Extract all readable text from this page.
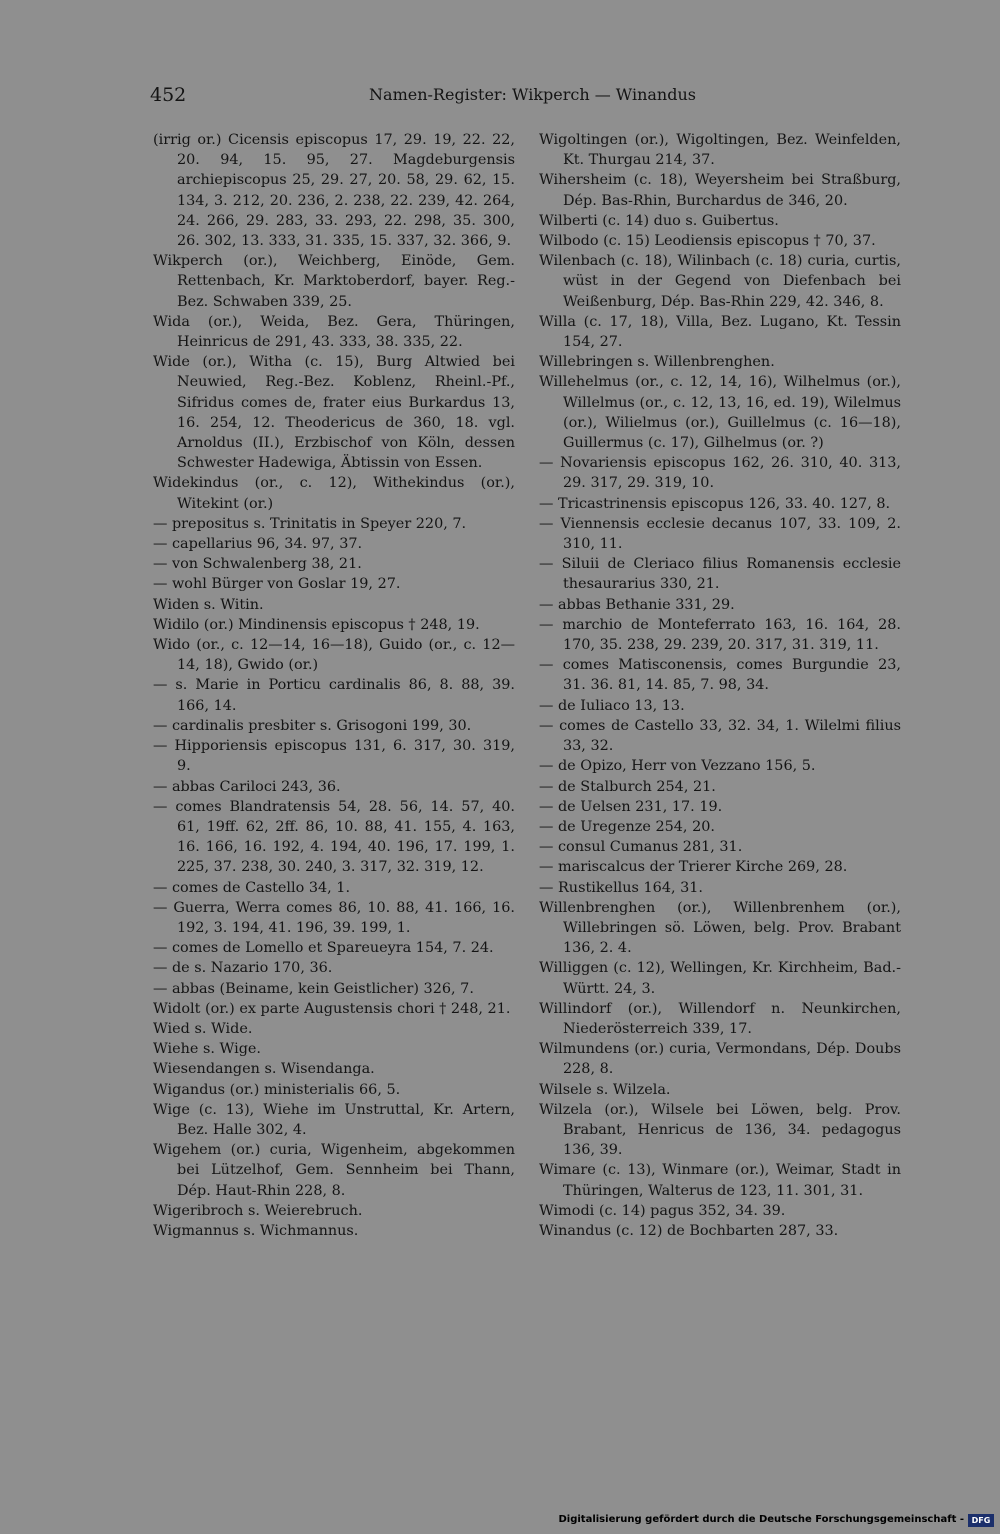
452	Namen-Register: Wikperch — Winandus

(irrig or.) Cicensis episcopus 17, 29. 19, 22. 22, 20. 94, 15. 95, 27. Magdeburgensis archiepiscopus 25, 29. 27, 20. 58, 29. 62, 15. 134, 3. 212, 20. 236, 2. 238, 22. 239, 42. 264, 24. 266, 29. 283, 33. 293, 22. 298, 35. 300, 26. 302, 13. 333, 31. 335, 15. 337, 32. 366, 9.

Wikperch (or.), Weichberg, Einöde, Gem. Rettenbach, Kr. Marktoberdorf, bayer. Reg.-Bez. Schwaben 339, 25.

Wida (or.), Weida, Bez. Gera, Thüringen, Heinricus de 291, 43. 333, 38. 335, 22.

Wide (or.), Witha (c. 15), Burg Altwied bei Neuwied, Reg.-Bez. Koblenz, Rheinl.-Pf., Sifridus comes de, frater eius Burkardus 13, 16. 254, 12. Theodericus de 360, 18. vgl. Arnoldus (II.), Erzbischof von Köln, dessen Schwester Hadewiga, Äbtissin von Essen.

Widekindus (or., c. 12), Withekindus (or.), Witekint (or.)

— prepositus s. Trinitatis in Speyer 220, 7.

— capellarius 96, 34. 97, 37.

— von Schwalenberg 38, 21.

— wohl Bürger von Goslar 19, 27.

Widen s. Witin.

Widilo (or.) Mindinensis episcopus † 248, 19.

Wido (or., c. 12—14, 16—18), Guido (or., c. 12—14, 18), Gwido (or.)

— s. Marie in Porticu cardinalis 86, 8. 88, 39. 166, 14.

— cardinalis presbiter s. Grisogoni 199, 30.

— Hipporiensis episcopus 131, 6. 317, 30. 319, 9.

— abbas Cariloci 243, 36.

— comes Blandratensis 54, 28. 56, 14. 57, 40. 61, 19ff. 62, 2ff. 86, 10. 88, 41. 155, 4. 163, 16. 166, 16. 192, 4. 194, 40. 196, 17. 199, 1. 225, 37. 238, 30. 240, 3. 317, 32. 319, 12.

— comes de Castello 34, 1.

— Guerra, Werra comes 86, 10. 88, 41. 166, 16. 192, 3. 194, 41. 196, 39. 199, 1.

— comes de Lomello et Spareueyra 154, 7. 24.

— de s. Nazario 170, 36.

— abbas (Beiname, kein Geistlicher) 326, 7.

Widolt (or.) ex parte Augustensis chori † 248, 21.

Wied s. Wide.

Wiehe s. Wige.

Wiesendangen s. Wisendanga.

Wigandus (or.) ministerialis 66, 5.

Wige (c. 13), Wiehe im Unstruttal, Kr. Artern, Bez. Halle 302, 4.

Wigehem (or.) curia, Wigenheim, abgekommen bei Lützelhof, Gem. Sennheim bei Thann, Dép. Haut-Rhin 228, 8.

Wigeribroch s. Weierebruch.

Wigmannus s. Wichmannus.

Wigoltingen (or.), Wigoltingen, Bez. Weinfelden, Kt. Thurgau 214, 37.

Wihersheim (c. 18), Weyersheim bei Straßburg, Dép. Bas-Rhin, Burchardus de 346, 20.

Wilberti (c. 14) duo s. Guibertus.

Wilbodo (c. 15) Leodiensis episcopus † 70, 37.

Wilenbach (c. 18), Wilinbach (c. 18) curia, curtis, wüst in der Gegend von Diefenbach bei Weißenburg, Dép. Bas-Rhin 229, 42. 346, 8.

Willa (c. 17, 18), Villa, Bez. Lugano, Kt. Tessin 154, 27.

Willebringen s. Willenbrenghen.

Willehelmus (or., c. 12, 14, 16), Wilhelmus (or.), Willelmus (or., c. 12, 13, 16, ed. 19), Wilelmus (or.), Wilielmus (or.), Guillelmus (c. 16—18), Guillermus (c. 17), Gilhelmus (or. ?)

— Novariensis episcopus 162, 26. 310, 40. 313, 29. 317, 29. 319, 10.

— Tricastrinensis episcopus 126, 33. 40. 127, 8.

— Viennensis ecclesie decanus 107, 33. 109, 2. 310, 11.

— Siluii de Cleriaco filius Romanensis ecclesie thesaurarius 330, 21.

— abbas Bethanie 331, 29.

— marchio de Monteferrato 163, 16. 164, 28. 170, 35. 238, 29. 239, 20. 317, 31. 319, 11.

— comes Matisconensis, comes Burgundie 23, 31. 36. 81, 14. 85, 7. 98, 34.

— de Iuliaco 13, 13.

— comes de Castello 33, 32. 34, 1. Wilelmi filius 33, 32.

— de Opizo, Herr von Vezzano 156, 5.

— de Stalburch 254, 21.

— de Uelsen 231, 17. 19.

— de Uregenze 254, 20.

— consul Cumanus 281, 31.

— mariscalcus der Trierer Kirche 269, 28.

— Rustikellus 164, 31.

Willenbrenghen (or.), Willenbrenhem (or.), Willebringen sö. Löwen, belg. Prov. Brabant 136, 2. 4.

Williggen (c. 12), Wellingen, Kr. Kirchheim, Bad.-Württ. 24, 3.

Willindorf (or.), Willendorf n. Neunkirchen, Niederösterreich 339, 17.

Wilmundens (or.) curia, Vermondans, Dép. Doubs 228, 8.

Wilsele s. Wilzela.

Wilzela (or.), Wilsele bei Löwen, belg. Prov. Brabant, Henricus de 136, 34. pedagogus 136, 39.

Wimare (c. 13), Winmare (or.), Weimar, Stadt in Thüringen, Walterus de 123, 11. 301, 31.

Wimodi (c. 14) pagus 352, 34. 39.

Winandus (c. 12) de Bochbarten 287, 33.

Digitalisierung gefördert durch die Deutsche Forschungsgemeinschaft - DFG
